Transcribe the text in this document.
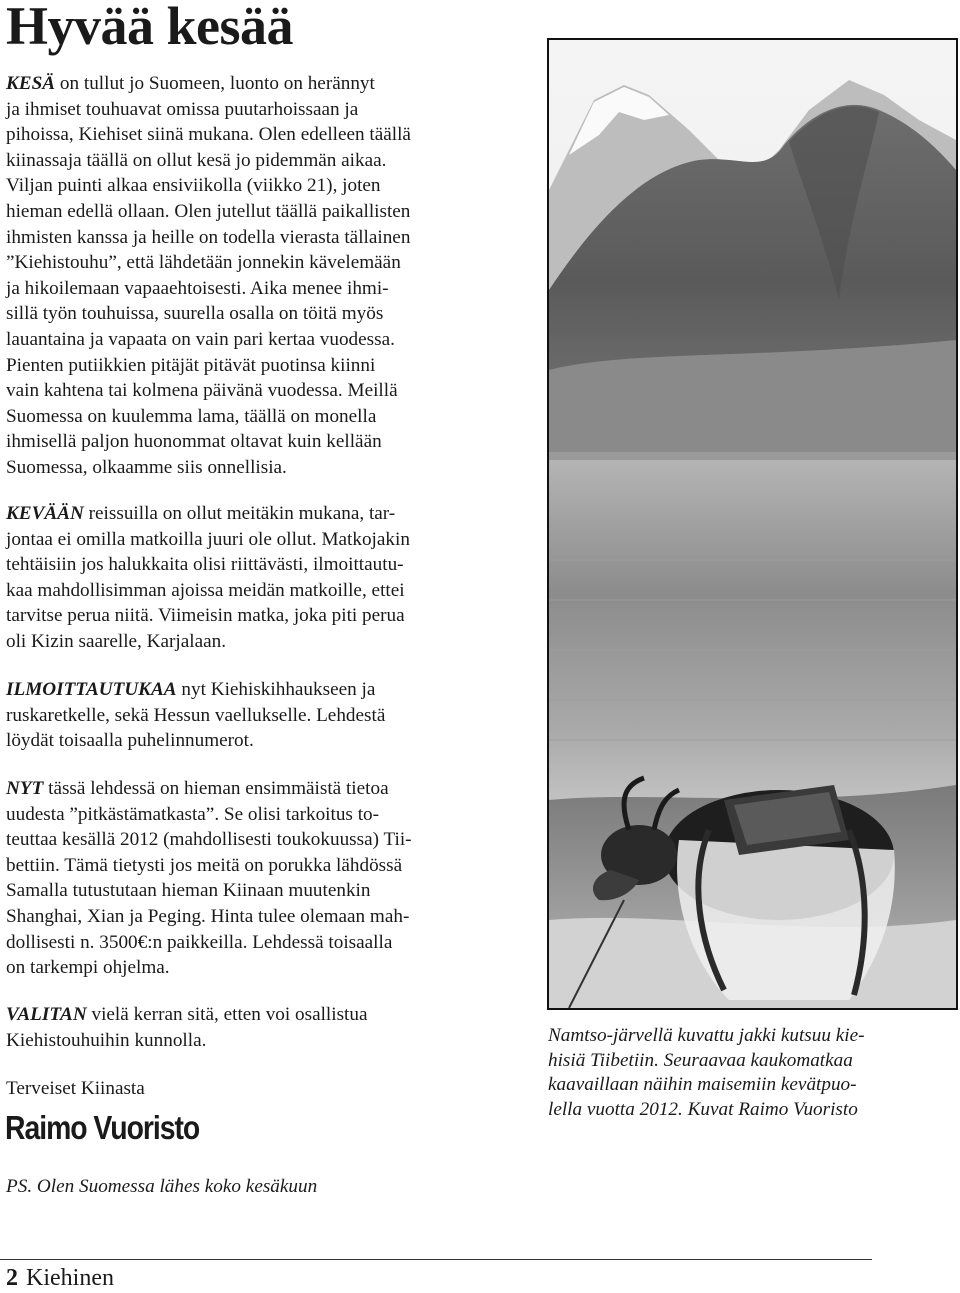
Hyvää kesää

KESÄ on tullut jo Suomeen, luonto on herännyt
ja ihmiset touhuavat omissa puutarhoissaan ja
pihoissa, Kiehiset siinä mukana. Olen edelleen täällä
kiinassaja täällä on ollut kesä jo pidemmän aikaa.
Viljan puinti alkaa ensiviikolla (viikko 21), joten
hieman edellä ollaan. Olen jutellut täällä paikallisten
ihmisten kanssa ja heille on todella vierasta tällainen
”Kiehistouhu”, että lähdetään jonnekin kävelemään
ja hikoilemaan vapaaehtoisesti. Aika menee ihmi-
sillä työn touhuissa, suurella osalla on töitä myös
lauantaina ja vapaata on vain pari kertaa vuodessa.
Pienten putiikkien pitäjät pitävät puotinsa kiinni
vain kahtena tai kolmena päivänä vuodessa. Meillä
Suomessa on kuulemma lama, täällä on monella
ihmisellä paljon huonommat oltavat kuin kellään
Suomessa, olkaamme siis onnellisia.

KEVÄÄN reissuilla on ollut meitäkin mukana, tar-
jontaa ei omilla matkoilla juuri ole ollut. Matkojakin
tehtäisiin jos halukkaita olisi riittävästi, ilmoittautu-
kaa mahdollisimman ajoissa meidän matkoille, ettei
tarvitse perua niitä. Viimeisin matka, joka piti perua
oli Kizin saarelle, Karjalaan.

ILMOITTAUTUKAA nyt Kiehiskihhaukseen ja
ruskaretkelle, sekä Hessun vaellukselle. Lehdestä
löydät toisaalla puhelinnumerot.

NYT tässä lehdessä on hieman ensimmäistä tietoa
uudesta ”pitkästämatkasta”. Se olisi tarkoitus to-
teuttaa kesällä 2012 (mahdollisesti toukokuussa) Tii-
bettiin. Tämä tietysti jos meitä on porukka lähdössä
Samalla tutustutaan hieman Kiinaan muutenkin
Shanghai, Xian ja Peging. Hinta tulee olemaan mah-
dollisesti n. 3500€:n paikkeilla. Lehdessä toisaalla
on tarkempi ohjelma.

VALITAN vielä kerran sitä, etten voi osallistua
Kiehistouhuihin kunnolla.

Terveiset Kiinasta
Raimo Vuoristo
PS. Olen Suomessa lähes koko kesäkuun
Namtso-järvellä kuvattu jakki kutsuu kie-
hisiä Tiibetiin. Seuraavaa kaukomatkaa
kaavaillaan näihin maisemiin kevätpuo-
lella vuotta 2012. Kuvat Raimo Vuoristo
2 Kiehinen
